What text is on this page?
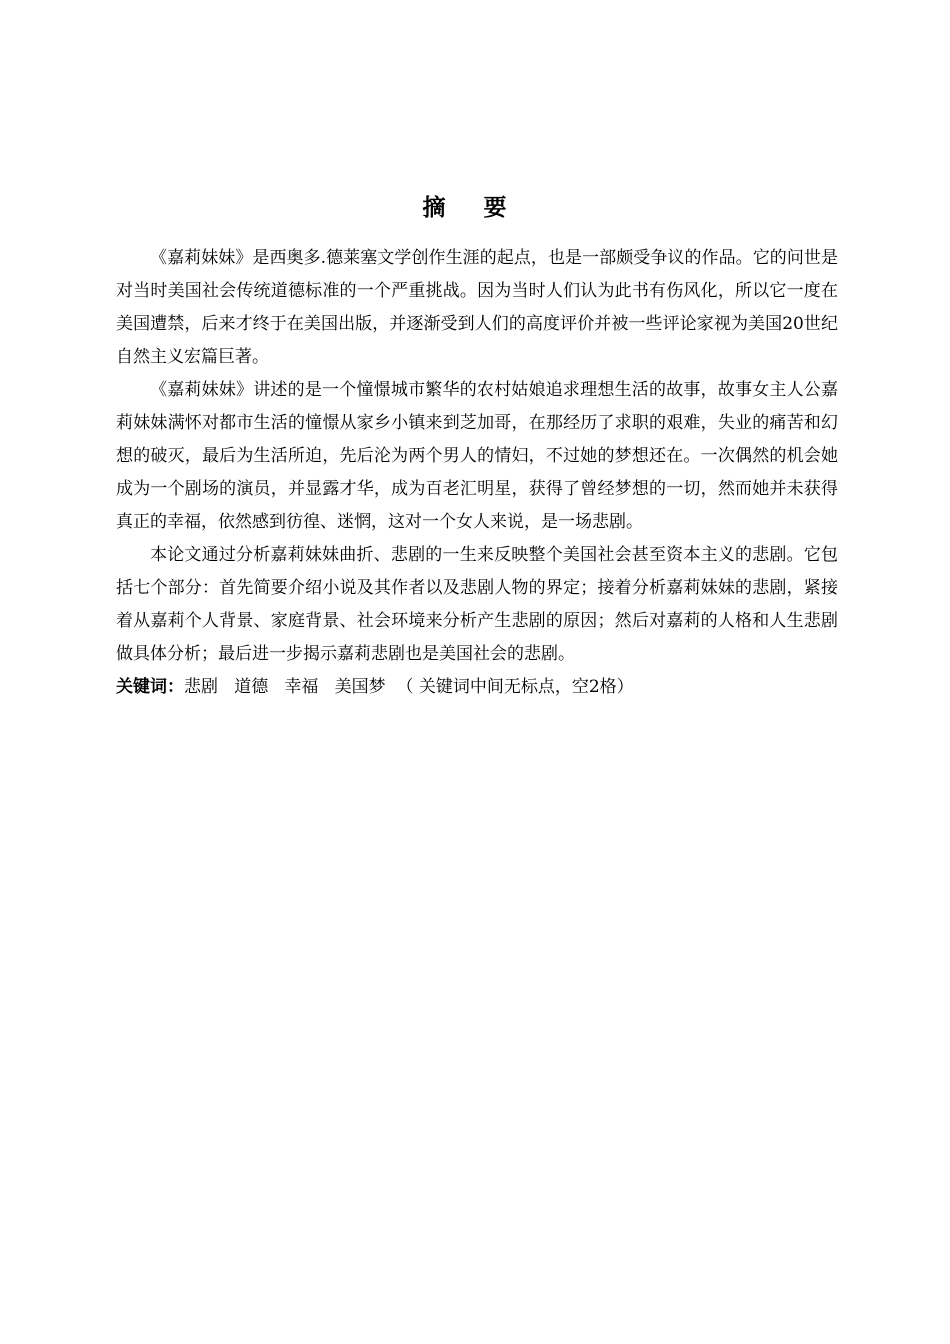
摘 要

《嘉莉妹妹》是西奥多.德莱塞文学创作生涯的起点，也是一部颇受争议的作品。它的问世是对当时美国社会传统道德标准的一个严重挑战。因为当时人们认为此书有伤风化，所以它一度在美国遭禁，后来才终于在美国出版，并逐渐受到人们的高度评价并被一些评论家视为美国20世纪自然主义宏篇巨著。

《嘉莉妹妹》讲述的是一个憧憬城市繁华的农村姑娘追求理想生活的故事，故事女主人公嘉莉妹妹满怀对都市生活的憧憬从家乡小镇来到芝加哥，在那经历了求职的艰难，失业的痛苦和幻想的破灭，最后为生活所迫，先后沦为两个男人的情妇，不过她的梦想还在。一次偶然的机会她成为一个剧场的演员，并显露才华，成为百老汇明星，获得了曾经梦想的一切，然而她并未获得真正的幸福，依然感到彷徨、迷惘，这对一个女人来说，是一场悲剧。

本论文通过分析嘉莉妹妹曲折、悲剧的一生来反映整个美国社会甚至资本主义的悲剧。它包括七个部分：首先简要介绍小说及其作者以及悲剧人物的界定；接着分析嘉莉妹妹的悲剧，紧接着从嘉莉个人背景、家庭背景、社会环境来分析产生悲剧的原因；然后对嘉莉的人格和人生悲剧做具体分析；最后进一步揭示嘉莉悲剧也是美国社会的悲剧。

关键词：悲剧   道德   幸福   美国梦  （ 关键词中间无标点，空2格）
